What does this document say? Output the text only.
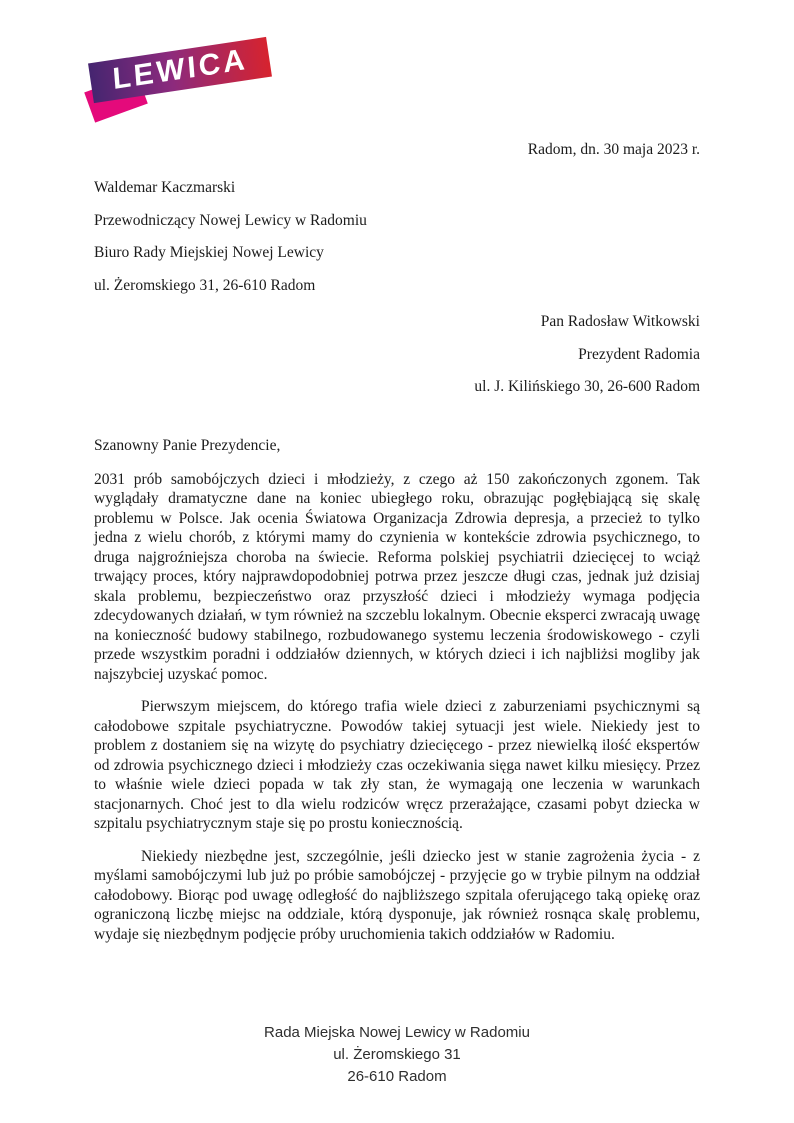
LEWICA
Radom, dn. 30 maja 2023 r.
Waldemar Kaczmarski
Przewodniczący Nowej Lewicy w Radomiu
Biuro Rady Miejskiej Nowej Lewicy
ul. Żeromskiego 31, 26-610 Radom
Pan Radosław Witkowski
Prezydent Radomia
ul. J. Kilińskiego 30, 26-600 Radom

Szanowny Panie Prezydencie,

2031 prób samobójczych dzieci i młodzieży, z czego aż 150 zakończonych zgonem. Tak wyglądały dramatyczne dane na koniec ubiegłego roku, obrazując pogłębiającą się skalę problemu w Polsce. Jak ocenia Światowa Organizacja Zdrowia depresja, a przecież to tylko jedna z wielu chorób, z którymi mamy do czynienia w kontekście zdrowia psychicznego, to druga najgroźniejsza choroba na świecie. Reforma polskiej psychiatrii dziecięcej to wciąż trwający proces, który najprawdopodobniej potrwa przez jeszcze długi czas, jednak już dzisiaj skala problemu, bezpieczeństwo oraz przyszłość dzieci i młodzieży wymaga podjęcia zdecydowanych działań, w tym również na szczeblu lokalnym. Obecnie eksperci zwracają uwagę na konieczność budowy stabilnego, rozbudowanego systemu leczenia środowiskowego - czyli przede wszystkim poradni i oddziałów dziennych, w których dzieci i ich najbliżsi mogliby jak najszybciej uzyskać pomoc.

Pierwszym miejscem, do którego trafia wiele dzieci z zaburzeniami psychicznymi są całodobowe szpitale psychiatryczne. Powodów takiej sytuacji jest wiele. Niekiedy jest to problem z dostaniem się na wizytę do psychiatry dziecięcego - przez niewielką ilość ekspertów od zdrowia psychicznego dzieci i młodzieży czas oczekiwania sięga nawet kilku miesięcy. Przez to właśnie wiele dzieci popada w tak zły stan, że wymagają one leczenia w warunkach stacjonarnych. Choć jest to dla wielu rodziców wręcz przerażające, czasami pobyt dziecka w szpitalu psychiatrycznym staje się po prostu koniecznością.

Niekiedy niezbędne jest, szczególnie, jeśli dziecko jest w stanie zagrożenia życia - z myślami samobójczymi lub już po próbie samobójczej - przyjęcie go w trybie pilnym na oddział całodobowy. Biorąc pod uwagę odległość do najbliższego szpitala oferującego taką opiekę oraz ograniczoną liczbę miejsc na oddziale, którą dysponuje, jak również rosnąca skalę problemu, wydaje się niezbędnym podjęcie próby uruchomienia takich oddziałów w Radomiu.

Rada Miejska Nowej Lewicy w Radomiu
ul. Żeromskiego 31
26-610 Radom
